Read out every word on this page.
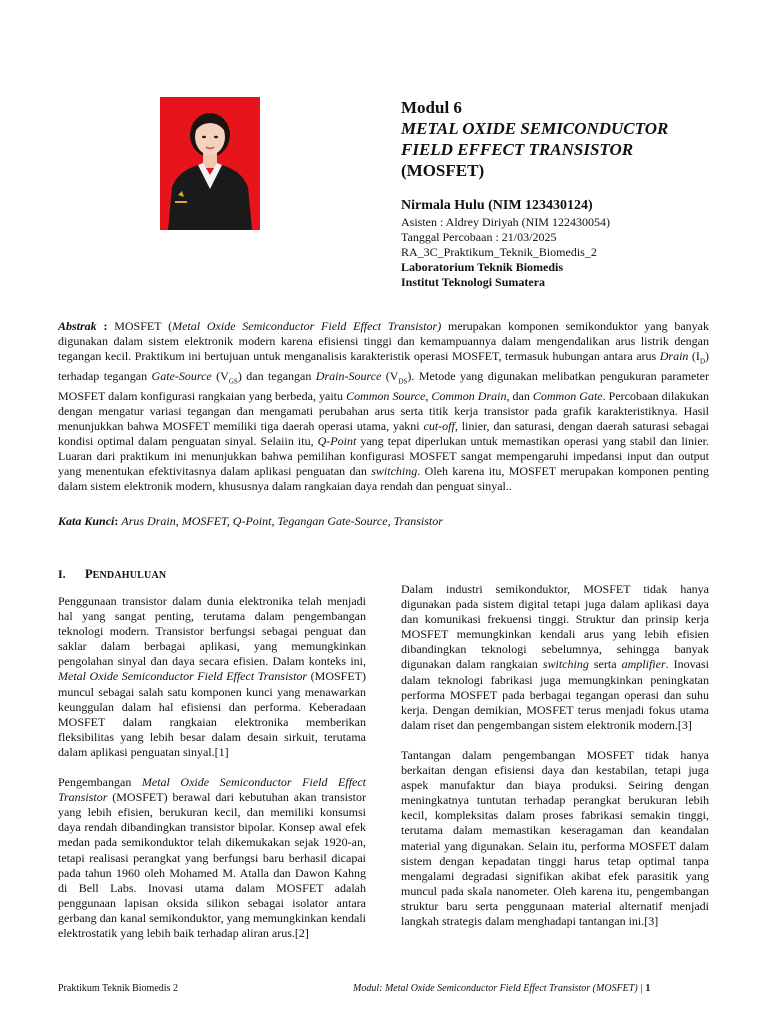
Modul 6
METAL OXIDE SEMICONDUCTOR
FIELD EFFECT TRANSISTOR
(MOSFET)
Nirmala Hulu (NIM 123430124)
Asisten : Aldrey Diriyah (NIM 122430054)
Tanggal Percobaan : 21/03/2025
RA_3C_Praktikum_Teknik_Biomedis_2
Laboratorium Teknik Biomedis
Institut Teknologi Sumatera
Abstrak : MOSFET (Metal Oxide Semiconductor Field Effect Transistor) merupakan komponen semikonduktor yang banyak digunakan dalam sistem elektronik modern karena efisiensi tinggi dan kemampuannya dalam mengendalikan arus listrik dengan tegangan kecil. Praktikum ini bertujuan untuk menganalisis karakteristik operasi MOSFET, termasuk hubungan antara arus Drain $(I_D)$ terhadap tegangan Gate-Source $(V_{GS})$ dan tegangan Drain-Source $(V_{DS})$. Metode yang digunakan melibatkan pengukuran parameter MOSFET dalam konfigurasi rangkaian yang berbeda, yaitu Common Source, Common Drain, dan Common Gate. Percobaan dilakukan dengan mengatur variasi tegangan dan mengamati perubahan arus serta titik kerja transistor pada grafik karakteristiknya. Hasil menunjukkan bahwa MOSFET memiliki tiga daerah operasi utama, yakni cut-off, linier, dan saturasi, dengan daerah saturasi sebagai kondisi optimal dalam penguatan sinyal. Selaiin itu, Q-Point yang tepat diperlukan untuk memastikan operasi yang stabil dan linier. Luaran dari praktikum ini menunjukkan bahwa pemilihan konfigurasi MOSFET sangat mempengaruhi impedansi input dan output yang menentukan efektivitasnya dalam aplikasi penguatan dan switching. Oleh karena itu, MOSFET merupakan komponen penting dalam sistem elektronik modern, khususnya dalam rangkaian daya rendah dan penguat sinyal..
Kata Kunci: Arus Drain, MOSFET, Q-Point, Tegangan Gate-Source, Transistor
I. PENDAHULUAN

Penggunaan transistor dalam dunia elektronika telah menjadi hal yang sangat penting, terutama dalam pengembangan teknologi modern. Transistor berfungsi sebagai penguat dan saklar dalam berbagai aplikasi, yang memungkinkan pengolahan sinyal dan daya secara efisien. Dalam konteks ini, Metal Oxide Semiconductor Field Effect Transistor (MOSFET) muncul sebagai salah satu komponen kunci yang menawarkan keunggulan dalam hal efisiensi dan performa. Keberadaan MOSFET dalam rangkaian elektronika memberikan fleksibilitas yang lebih besar dalam desain sirkuit, terutama dalam aplikasi penguatan sinyal.[1]

Pengembangan Metal Oxide Semiconductor Field Effect Transistor (MOSFET) berawal dari kebutuhan akan transistor yang lebih efisien, berukuran kecil, dan memiliki konsumsi daya rendah dibandingkan transistor bipolar. Konsep awal efek medan pada semikonduktor telah dikemukakan sejak 1920-an, tetapi realisasi perangkat yang berfungsi baru berhasil dicapai pada tahun 1960 oleh Mohamed M. Atalla dan Dawon Kahng di Bell Labs. Inovasi utama dalam MOSFET adalah penggunaan lapisan oksida silikon sebagai isolator antara gerbang dan kanal semikonduktor, yang memungkinkan kendali elektrostatik yang lebih baik terhadap aliran arus.[2]

Dalam industri semikonduktor, MOSFET tidak hanya digunakan pada sistem digital tetapi juga dalam aplikasi daya dan komunikasi frekuensi tinggi. Struktur dan prinsip kerja MOSFET memungkinkan kendali arus yang lebih efisien dibandingkan teknologi sebelumnya, sehingga banyak digunakan dalam rangkaian switching serta amplifier. Inovasi dalam teknologi fabrikasi juga memungkinkan peningkatan performa MOSFET pada berbagai tegangan operasi dan suhu kerja. Dengan demikian, MOSFET terus menjadi fokus utama dalam riset dan pengembangan sistem elektronik modern.[3]

Tantangan dalam pengembangan MOSFET tidak hanya berkaitan dengan efisiensi daya dan kestabilan, tetapi juga aspek manufaktur dan biaya produksi. Seiring dengan meningkatnya tuntutan terhadap perangkat berukuran lebih kecil, kompleksitas dalam proses fabrikasi semakin tinggi, terutama dalam memastikan keseragaman dan keandalan material yang digunakan. Selain itu, performa MOSFET dalam sistem dengan kepadatan tinggi harus tetap optimal tanpa mengalami degradasi signifikan akibat efek parasitik yang muncul pada skala nanometer. Oleh karena itu, pengembangan struktur baru serta penggunaan material alternatif menjadi langkah strategis dalam menghadapi tantangan ini.[3]

Praktikum Teknik Biomedis 2	Modul: Metal Oxide Semiconductor Field Effect Transistor (MOSFET) | 1
